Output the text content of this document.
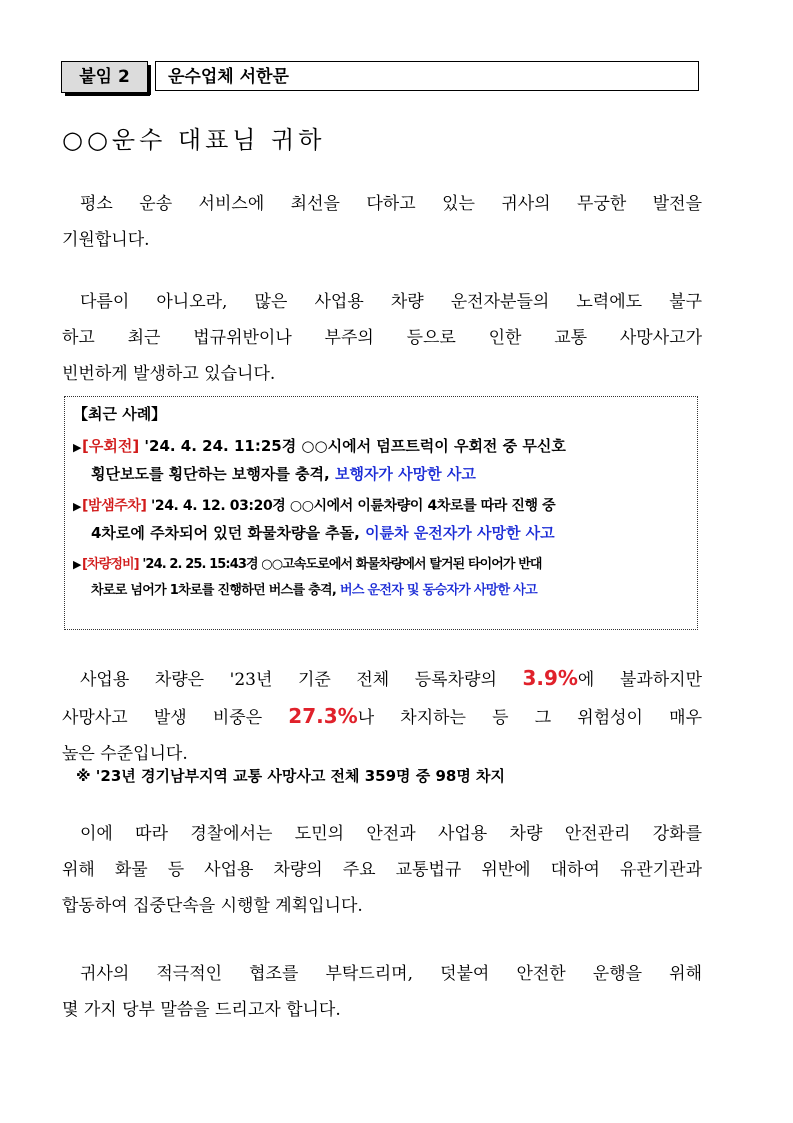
붙임 2	운수업체 서한문
○○운수 대표님 귀하

평소 운송 서비스에 최선을 다하고 있는 귀사의 무궁한 발전을

기원합니다.

다름이 아니오라, 많은 사업용 차량 운전자분들의 노력에도 불구

하고 최근 법규위반이나 부주의 등으로 인한 교통 사망사고가

빈번하게 발생하고 있습니다.

【최근 사례】
▶[우회전] '24. 4. 24. 11:25경 ○○시에서 덤프트럭이 우회전 중 무신호
횡단보도를 횡단하는 보행자를 충격, 보행자가 사망한 사고
▶[밤샘주차] '24. 4. 12. 03:20경 ○○시에서 이륜차량이 4차로를 따라 진행 중
4차로에 주차되어 있던 화물차량을 추돌, 이륜차 운전자가 사망한 사고
▶[차량정비] '24. 2. 25. 15:43경 ○○고속도로에서 화물차량에서 탈거된 타이어가 반대
차로로 넘어가 1차로를 진행하던 버스를 충격, 버스 운전자 및 동승자가 사망한 사고

사업용 차량은 '23년 기준 전체 등록차량의 3.9%에 불과하지만

사망사고 발생 비중은 27.3%나 차지하는 등 그 위험성이 매우

높은 수준입니다.

※ '23년 경기남부지역 교통 사망사고 전체 359명 중 98명 차지

이에 따라 경찰에서는 도민의 안전과 사업용 차량 안전관리 강화를

위해 화물 등 사업용 차량의 주요 교통법규 위반에 대하여 유관기관과

합동하여 집중단속을 시행할 계획입니다.

귀사의 적극적인 협조를 부탁드리며, 덧붙여 안전한 운행을 위해

몇 가지 당부 말씀을 드리고자 합니다.
